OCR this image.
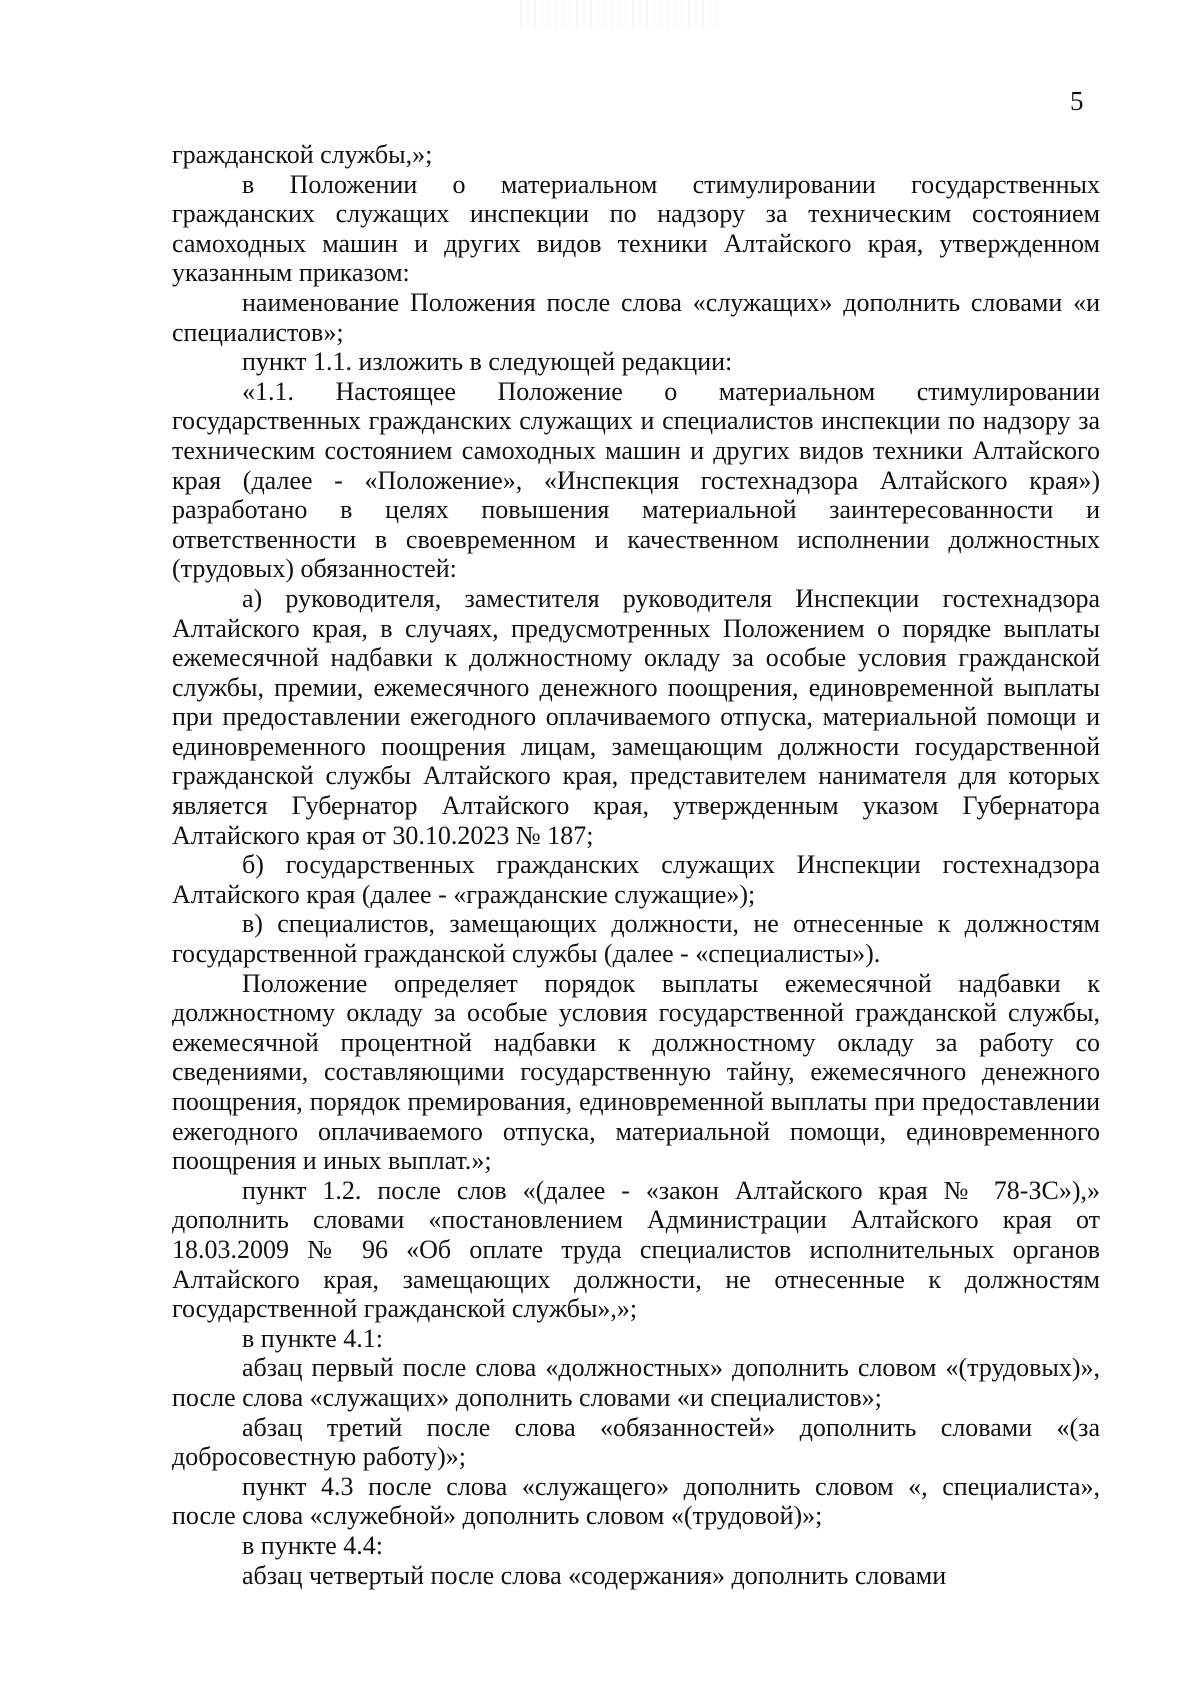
5

гражданской службы,»;

в Положении о материальном стимулировании государственных гражданских служащих инспекции по надзору за техническим состоянием самоходных машин и других видов техники Алтайского края, утвержденном указанным приказом:

наименование Положения после слова «служащих» дополнить словами «и специалистов»;

пункт 1.1. изложить в следующей редакции:

«1.1. Настоящее Положение о материальном стимулировании государственных гражданских служащих и специалистов инспекции по надзору за техническим состоянием самоходных машин и других видов техники Алтайского края (далее - «Положение», «Инспекция гостехнадзора Алтайского края») разработано в целях повышения материальной заинтересованности и ответственности в своевременном и качественном исполнении должностных (трудовых) обязанностей:

а) руководителя, заместителя руководителя Инспекции гостехнадзора Алтайского края, в случаях, предусмотренных Положением о порядке выплаты ежемесячной надбавки к должностному окладу за особые условия гражданской службы, премии, ежемесячного денежного поощрения, единовременной выплаты при предоставлении ежегодного оплачиваемого отпуска, материальной помощи и единовременного поощрения лицам, замещающим должности государственной гражданской службы Алтайского края, представителем нанимателя для которых является Губернатор Алтайского края, утвержденным указом Губернатора Алтайского края от 30.10.2023 № 187;

б) государственных гражданских служащих Инспекции гостехнадзора Алтайского края (далее - «гражданские служащие»);

в) специалистов, замещающих должности, не отнесенные к должностям государственной гражданской службы (далее - «специалисты»).

Положение определяет порядок выплаты ежемесячной надбавки к должностному окладу за особые условия государственной гражданской службы, ежемесячной процентной надбавки к должностному окладу за работу со сведениями, составляющими государственную тайну, ежемесячного денежного поощрения, порядок премирования, единовременной выплаты при предоставлении ежегодного оплачиваемого отпуска, материальной помощи, единовременного поощрения и иных выплат.»;

пункт 1.2. после слов «(далее - «закон Алтайского края № 78-ЗС»),» дополнить словами «постановлением Администрации Алтайского края от 18.03.2009 № 96 «Об оплате труда специалистов исполнительных органов Алтайского края, замещающих должности, не отнесенные к должностям государственной гражданской службы»,»;

в пункте 4.1:

абзац первый после слова «должностных» дополнить словом «(трудовых)», после слова «служащих» дополнить словами «и специалистов»;

абзац третий после слова «обязанностей» дополнить словами «(за добросовестную работу)»;

пункт 4.3 после слова «служащего» дополнить словом «, специалиста», после слова «служебной» дополнить словом «(трудовой)»;

в пункте 4.4:

абзац четвертый после слова «содержания» дополнить словами
